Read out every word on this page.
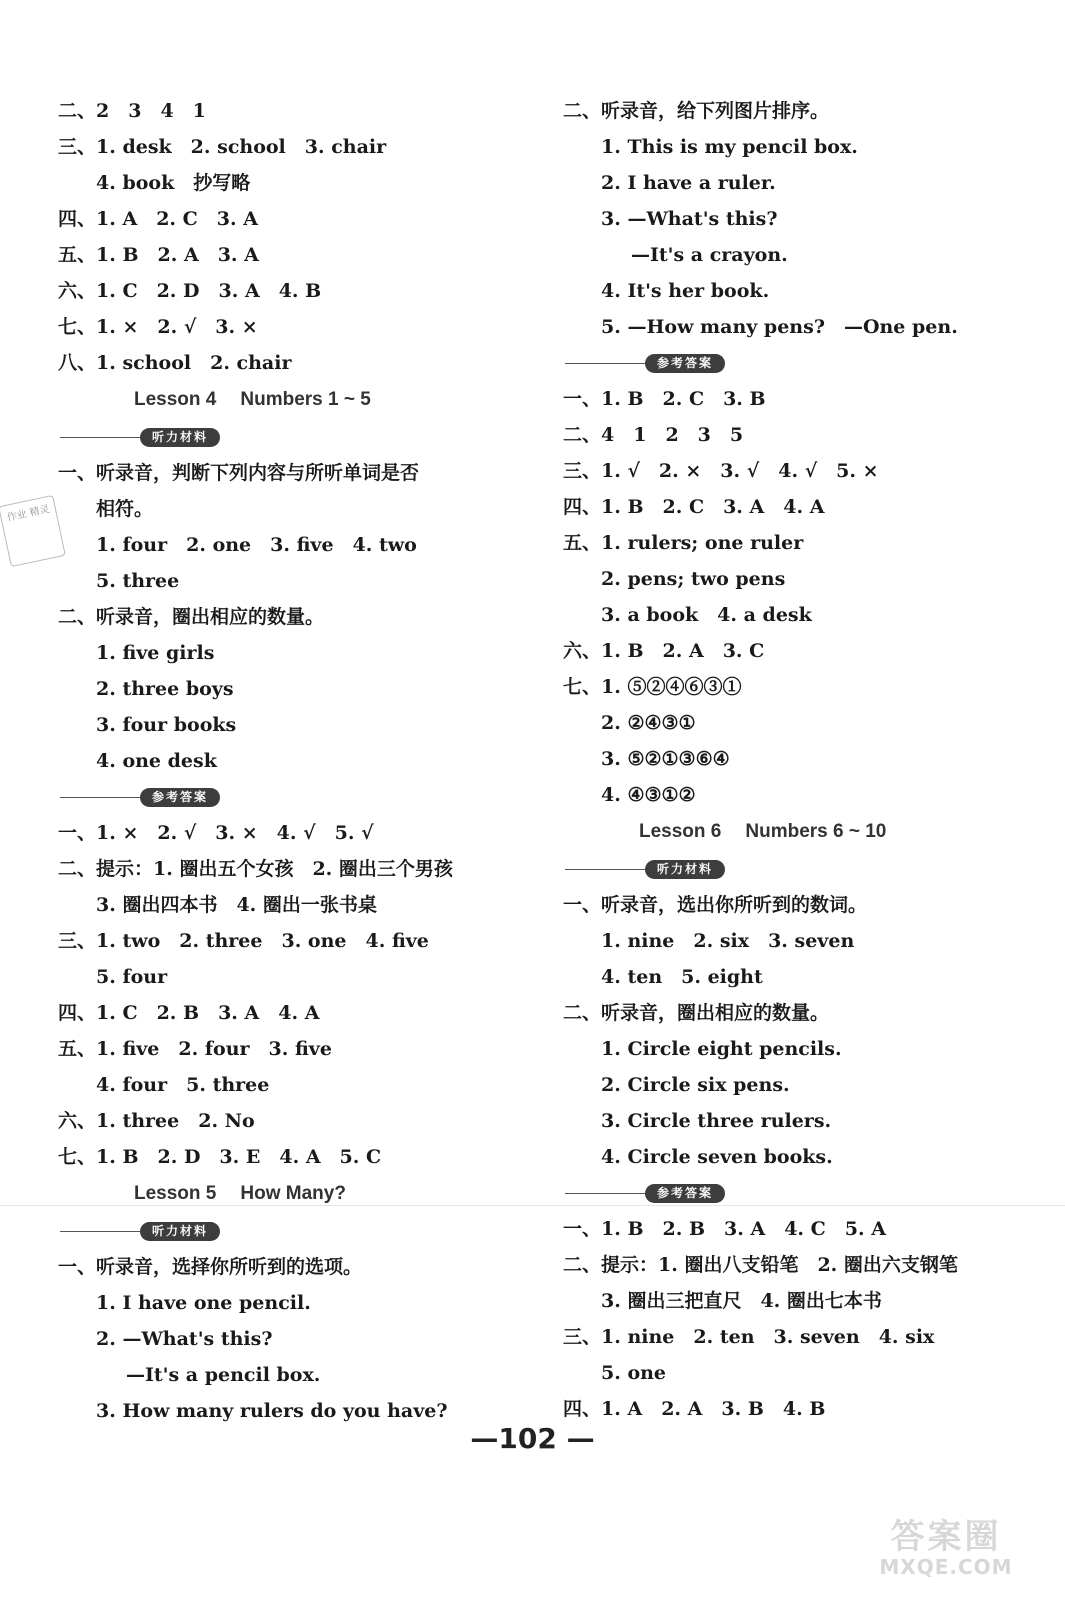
作业 精灵
二、2　3　4　1
三、1. desk　2. school　3. chair
4. book　抄写略
四、1. A　2. C　3. A
五、1. B　2. A　3. A
六、1. C　2. D　3. A　4. B
七、1. ×　2. √　3. ×
八、1. school　2. chair
Lesson 4 Numbers 1 ~ 5
听力材料
一、听录音，判断下列内容与所听单词是否
相符。
1. four　2. one　3. five　4. two
5. three
二、听录音，圈出相应的数量。
1. five girls
2. three boys
3. four books
4. one desk
参考答案
一、1. ×　2. √　3. ×　4. √　5. √
二、提示：1. 圈出五个女孩　2. 圈出三个男孩
3. 圈出四本书　4. 圈出一张书桌
三、1. two　2. three　3. one　4. five
5. four
四、1. C　2. B　3. A　4. A
五、1. five　2. four　3. five
4. four　5. three
六、1. three　2. No
七、1. B　2. D　3. E　4. A　5. C
Lesson 5 How Many?
听力材料
一、听录音，选择你所听到的选项。
1. I have one pencil.
2. —What's this?
—It's a pencil box.
3. How many rulers do you have?
二、听录音，给下列图片排序。
1. This is my pencil box.
2. I have a ruler.
3. —What's this?
—It's a crayon.
4. It's her book.
5. —How many pens?　—One pen.
参考答案
一、1. B　2. C　3. B
二、4　1　2　3　5
三、1. √　2. ×　3. √　4. √　5. ×
四、1. B　2. C　3. A　4. A
五、1. rulers; one ruler
2. pens; two pens
3. a book　4. a desk
六、1. B　2. A　3. C
七、1. ⑤②④⑥③①
2. ②④③①
3. ⑤②①③⑥④
4. ④③①②
Lesson 6 Numbers 6 ~ 10
听力材料
一、听录音，选出你所听到的数词。
1. nine　2. six　3. seven
4. ten　5. eight
二、听录音，圈出相应的数量。
1. Circle eight pencils.
2. Circle six pens.
3. Circle three rulers.
4. Circle seven books.
参考答案
一、1. B　2. B　3. A　4. C　5. A
二、提示：1. 圈出八支铅笔　2. 圈出六支钢笔
3. 圈出三把直尺　4. 圈出七本书
三、1. nine　2. ten　3. seven　4. six
5. one
四、1. A　2. A　3. B　4. B
—102 —
答案圈
MXQE.COM
